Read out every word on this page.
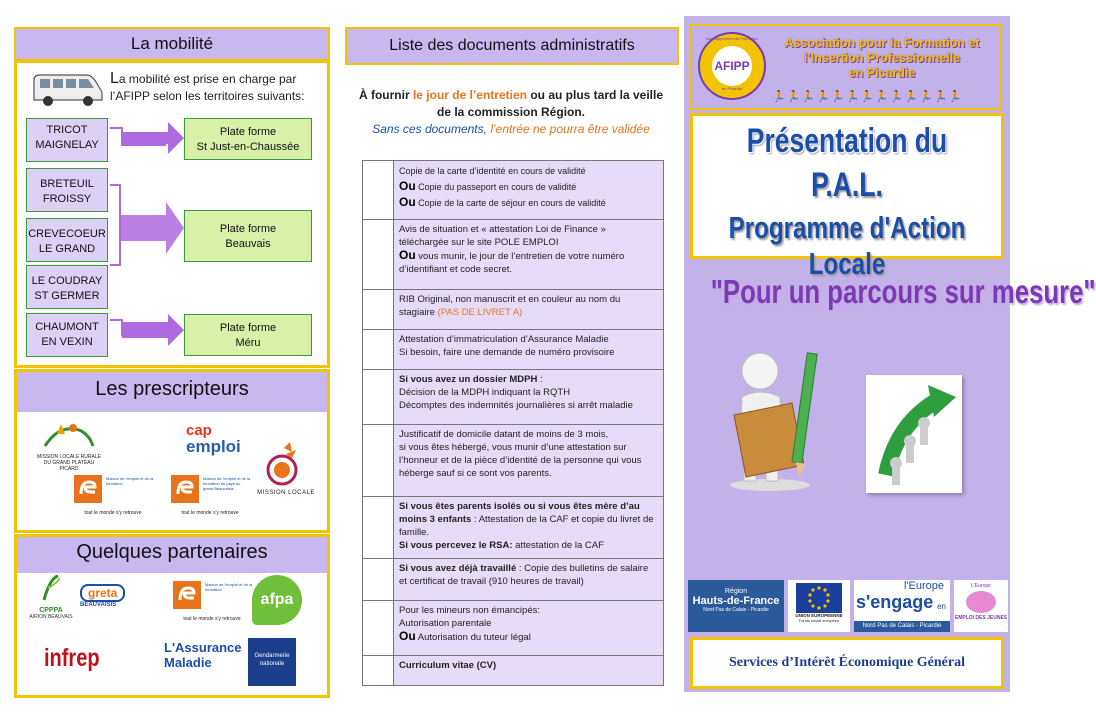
La mobilité
La mobilité est prise en charge par l’AFIPP selon les territoires suivants:
TRICOT
MAIGNELAY
BRETEUIL
FROISSY
CREVECOEUR
LE GRAND
LE COUDRAY
ST GERMER
CHAUMONT
EN VEXIN
Plate forme
St Just-en-Chaussée
Plate forme
Beauvais
Plate forme
Méru
Les prescripteurs
MISSION LOCALE RURALE DU GRAND PLATEAU PICARD
cap
emploi
MISSION LOCALE
Maison de l'emploi et de la formation
tout le monde s'y retrouve
Maison de l'emploi et de la formation du pays du grand Beauvaisis
tout le monde s'y retrouve
Quelques partenaires
CPPPA
AIRION BEAUVAIS
greta
BEAUVAISIS
Maison de l'emploi et de la formation
tout le monde s'y retrouve
afpa
infrep	L'Assurance
Maladie	Gendarmerie nationale
Liste des documents administratifs
À fournir le jour de l’entretien ou au plus tard la veille de la commission Région.
Sans ces documents, l’entrée ne pourra être validée
Copie de la carte d’identité en cours de validité
Ou Copie du passeport en cours de validité
Ou Copie de la carte de séjour en cours de validité
Avis de situation et « attestation Loi de Finance » téléchargée sur le site POLE EMPLOI
Ou vous munir, le jour de l’entretien de votre numéro d’identifiant et code secret.
RIB Original, non manuscrit et en couleur au nom du stagiaire (PAS DE LIVRET A)
Attestation d’immatriculation d’Assurance Maladie
Si besoin, faire une demande de numéro provisoire
Si vous avez un dossier MDPH :
Décision de la MDPH indiquant la RQTH
Décomptes des indemnités journalières si arrêt maladie
Justificatif de domicile datant de moins de 3 mois,
si vous êtes hébergé, vous munir d’une attestation sur l’honneur et de la pièce d’identité de la personne qui vous héberge sauf si ce sont vos parents.
Si vous êtes parents isolés ou si vous êtes mère d’au moins 3 enfants : Attestation de la CAF et copie du livret de famille.
Si vous percevez le RSA: attestation de la CAF
Si vous avez déjà travaillé : Copie des bulletins de salaire et certificat de travail (910 heures de travail)
Pour les mineurs non émancipés:
Autorisation parentale
Ou Autorisation du tuteur légal
Curriculum vitae (CV)
Développement de Formation
AFIPP
en Picardie
Association pour la Formation et
l’Insertion Professionnelle
en Picardie
🏃🏃🏃🏃🏃🏃🏃🏃🏃🏃🏃🏃🏃
Présentation du
P.A.L.
Programme d'Action Locale
"Pour un parcours sur mesure"
Région
Hauts-de-France
Nord Pas de Calais - Picardie
UNION EUROPÉENNE
Fonds social européen
l'Europe
s'engage en
Nord Pas de Calais - Picardie
L'Europe
EMPLOI DES JEUNES
Services d’Intérêt Économique Général
